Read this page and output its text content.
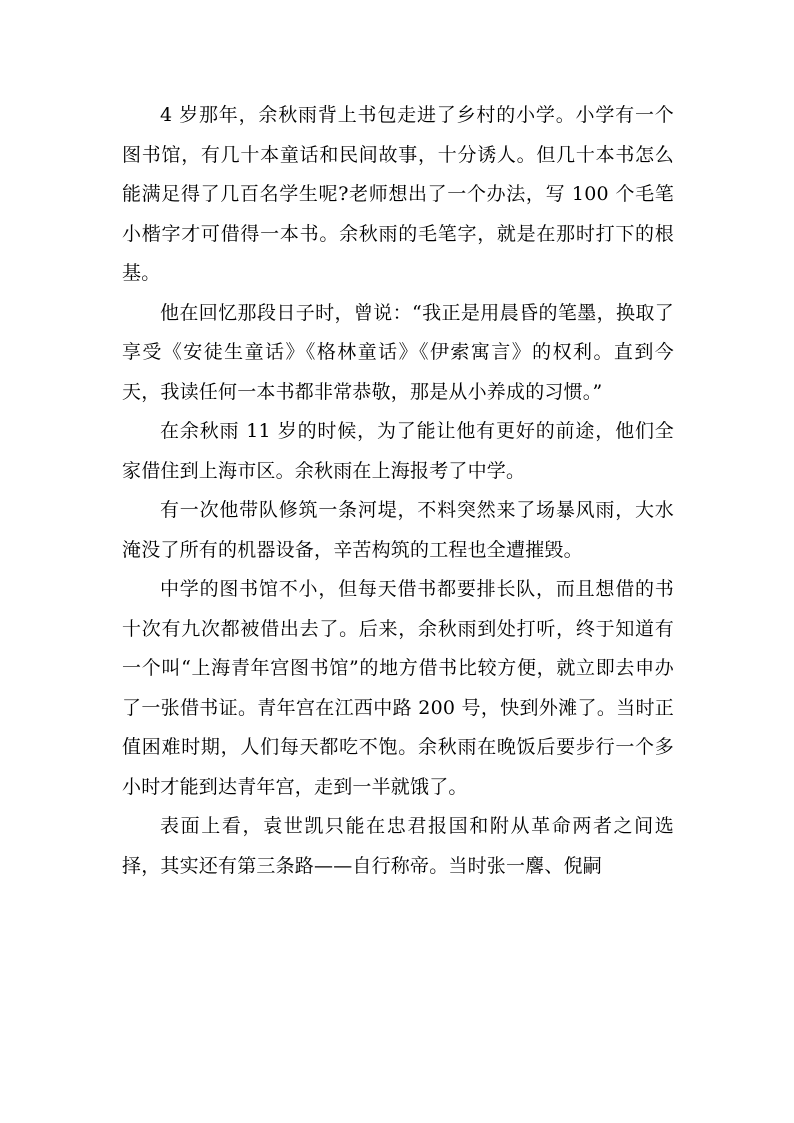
4 岁那年，余秋雨背上书包走进了乡村的小学。小学有一个图书馆，有几十本童话和民间故事，十分诱人。但几十本书怎么能满足得了几百名学生呢?老师想出了一个办法，写 100 个毛笔小楷字才可借得一本书。余秋雨的毛笔字，就是在那时打下的根基。

他在回忆那段日子时，曾说：“我正是用晨昏的笔墨，换取了享受《安徒生童话》《格林童话》《伊索寓言》的权利。直到今天，我读任何一本书都非常恭敬，那是从小养成的习惯。”

在余秋雨 11 岁的时候，为了能让他有更好的前途，他们全家借住到上海市区。余秋雨在上海报考了中学。

有一次他带队修筑一条河堤，不料突然来了场暴风雨，大水淹没了所有的机器设备，辛苦构筑的工程也全遭摧毁。

中学的图书馆不小，但每天借书都要排长队，而且想借的书十次有九次都被借出去了。后来，余秋雨到处打听，终于知道有一个叫“上海青年宫图书馆”的地方借书比较方便，就立即去申办了一张借书证。青年宫在江西中路 200 号，快到外滩了。当时正值困难时期，人们每天都吃不饱。余秋雨在晚饭后要步行一个多小时才能到达青年宫，走到一半就饿了。

表面上看，袁世凯只能在忠君报国和附从革命两者之间选择，其实还有第三条路——自行称帝。当时张一麐、倪嗣
